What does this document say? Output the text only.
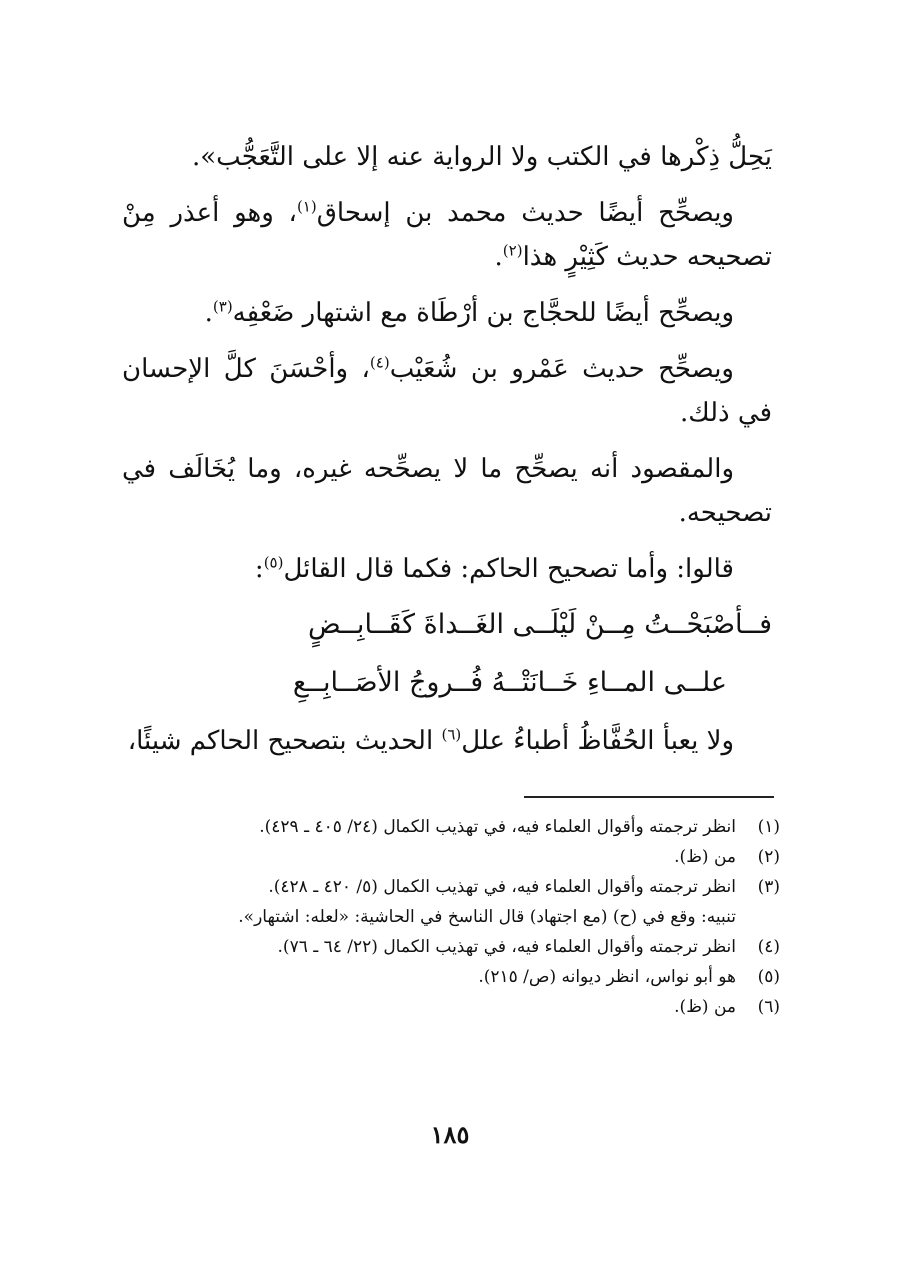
يَحِلُّ ذِكْرها في الكتب ولا الرواية عنه إلا على التَّعَجُّب».

ويصحِّح أيضًا حديث محمد بن إسحاق$^{(١)}$، وهو أعذر مِنْ تصحيحه حديث كَثِيْرٍ هذا$^{(٢)}$.

ويصحِّح أيضًا للحجَّاج بن أرْطَاة مع اشتهار ضَعْفِه$^{(٣)}$.

ويصحِّح حديث عَمْرو بن شُعَيْب$^{(٤)}$، وأحْسَنَ كلَّ الإحسان في ذلك.

والمقصود أنه يصحِّح ما لا يصحِّحه غيره، وما يُخَالَف في تصحيحه.

قالوا: وأما تصحيح الحاكم: فكما قال القائل$^{(٥)}$:

فــأصْبَحْــتُ مِــنْ لَيْلَــى الغَــداةَ كَقَــابِــضٍ

علــى المــاءِ خَــانَتْــهُ فُــروجُ الأصَــابِــعِ

ولا يعبأ الحُفَّاظُ أطباءُ علل$^{(٦)}$ الحديث بتصحيح الحاكم شيئًا،

(١)
انظر ترجمته وأقوال العلماء فيه، في تهذيب الكمال (٢٤/ ٤٠٥ ـ ٤٢٩).
(٢)
من (ظ).
(٣)
انظر ترجمته وأقوال العلماء فيه، في تهذيب الكمال (٥/ ٤٢٠ ـ ٤٢٨).

تنبيه: وقع في (ح) (مع اجتهاد) قال الناسخ في الحاشية: «لعله: اشتهار».

(٤)
انظر ترجمته وأقوال العلماء فيه، في تهذيب الكمال (٢٢/ ٦٤ ـ ٧٦).
(٥)
هو أبو نواس، انظر ديوانه (ص/ ٢١٥).
(٦)
من (ظ).
١٨٥
